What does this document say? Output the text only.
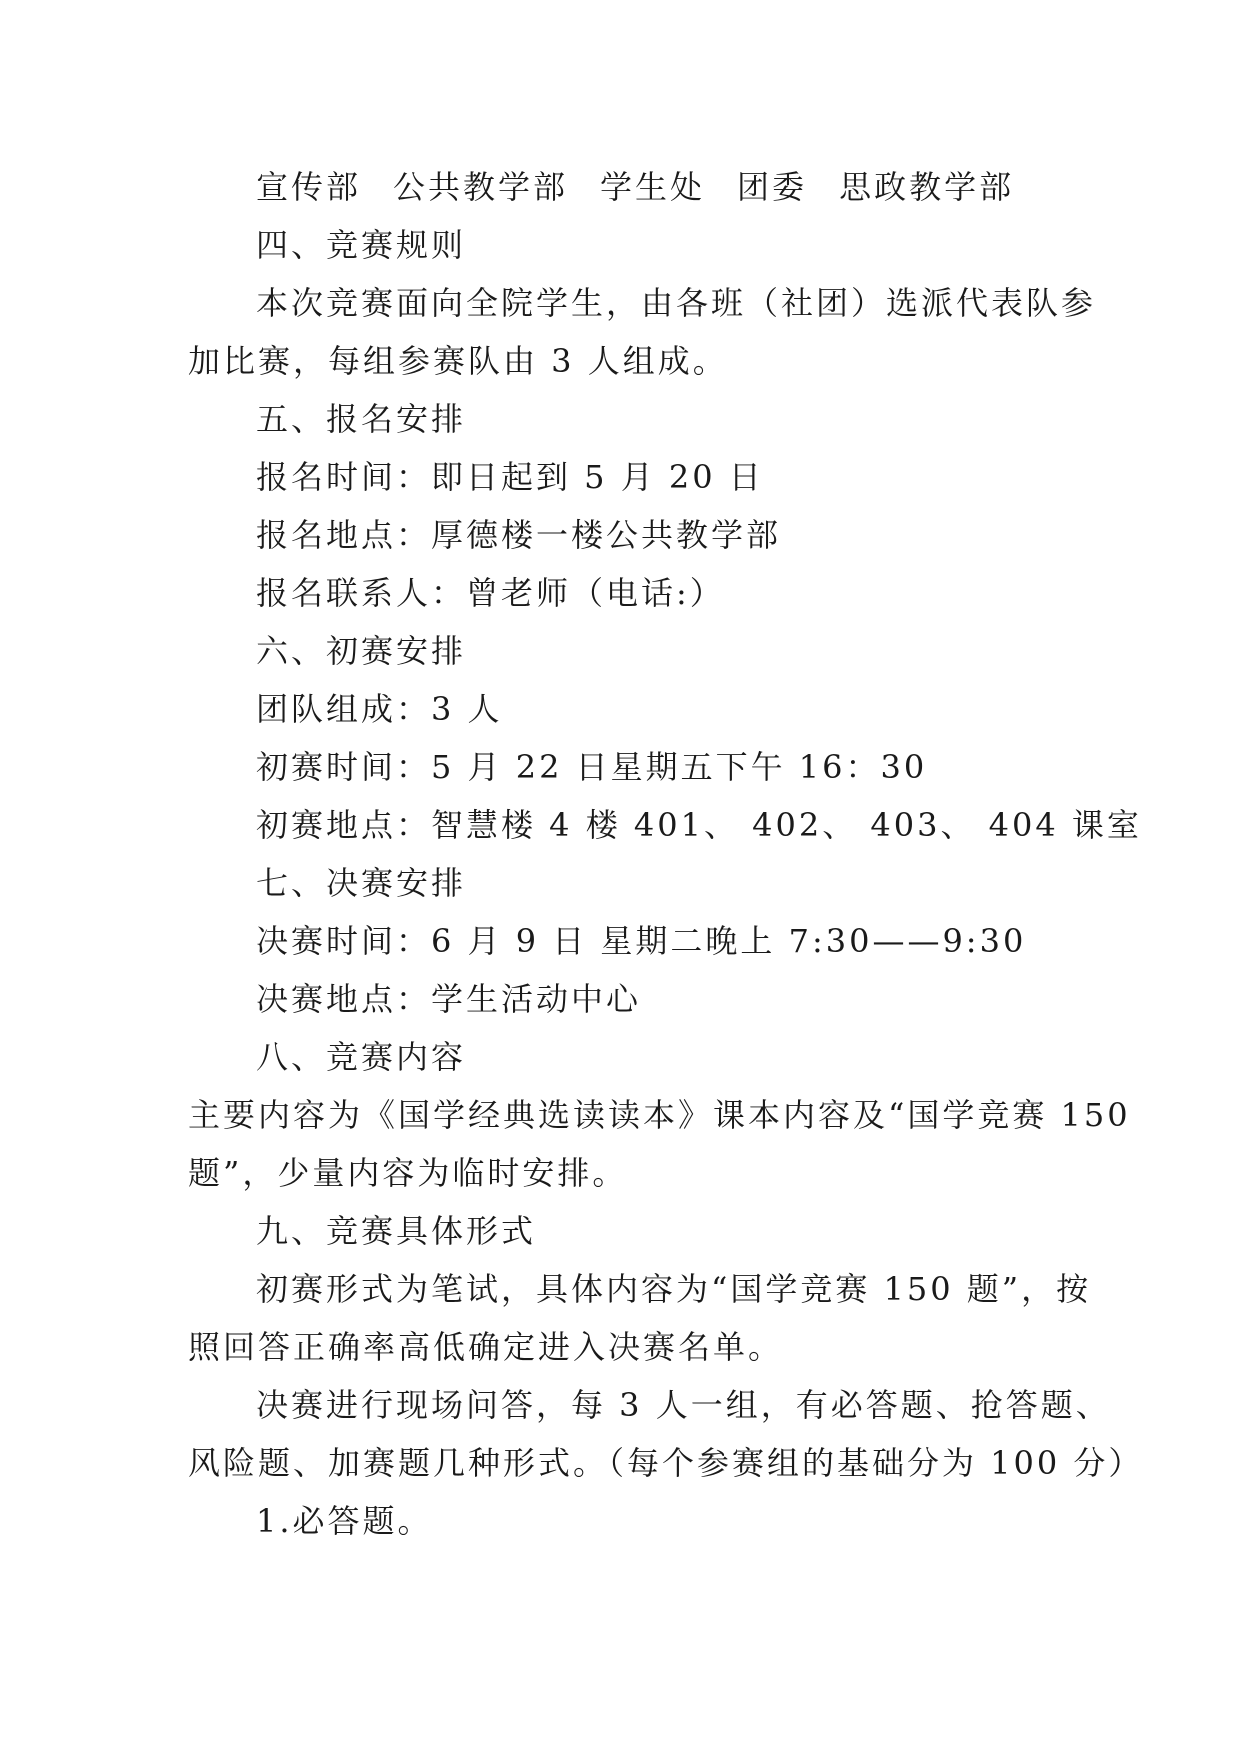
宣传部 公共教学部 学生处 团委 思政教学部
四、竞赛规则
本次竞赛面向全院学生，由各班（社团）选派代表队参
加比赛，每组参赛队由 3 人组成。
五、报名安排
报名时间：即日起到 5 月 20 日
报名地点：厚德楼一楼公共教学部
报名联系人：曾老师（电话:）
六、初赛安排
团队组成：3 人
初赛时间：5 月 22 日星期五下午 16：30
初赛地点：智慧楼 4 楼 401、 402、 403、 404 课室
七、决赛安排
决赛时间：6 月 9 日 星期二晚上 7:30——9:30
决赛地点：学生活动中心
八、竞赛内容
主要内容为《国学经典选读读本》课本内容及“国学竞赛 150
题”，少量内容为临时安排。
九、竞赛具体形式
初赛形式为笔试，具体内容为“国学竞赛 150 题”，按
照回答正确率高低确定进入决赛名单。
决赛进行现场问答，每 3 人一组，有必答题、抢答题、
风险题、加赛题几种形式。（每个参赛组的基础分为 100 分）
1.必答题。
